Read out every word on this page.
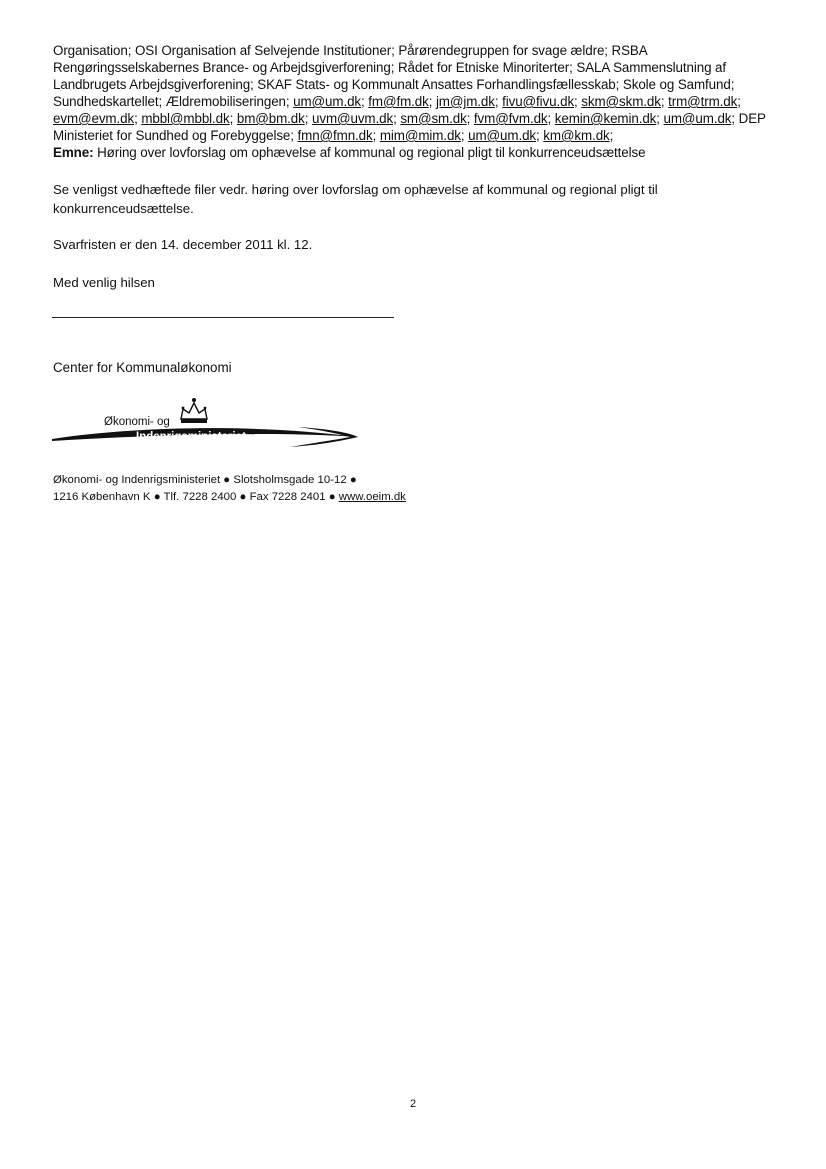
Organisation; OSI Organisation af Selvejende Institutioner; Pårørendegruppen for svage ældre; RSBA Rengøringsselskabernes Brance- og Arbejdsgiverforening; Rådet for Etniske Minoriterter; SALA Sammenslutning af Landbrugets Arbejdsgiverforening; SKAF Stats- og Kommunalt Ansattes Forhandlingsfællesskab; Skole og Samfund; Sundhedskartellet; Ældremobiliseringen; um@um.dk; fm@fm.dk; jm@jm.dk; fivu@fivu.dk; skm@skm.dk; trm@trm.dk; evm@evm.dk; mbbl@mbbl.dk; bm@bm.dk; uvm@uvm.dk; sm@sm.dk; fvm@fvm.dk; kemin@kemin.dk; um@um.dk; DEP Ministeriet for Sundhed og Forebyggelse; fmn@fmn.dk; mim@mim.dk; um@um.dk; km@km.dk;
Emne: Høring over lovforslag om ophævelse af kommunal og regional pligt til konkurrenceudsættelse
Se venligst vedhæftede filer vedr. høring over lovforslag om ophævelse af kommunal og regional pligt til konkurrenceudsættelse.
Svarfristen er den 14. december 2011 kl. 12.
Med venlig hilsen
Center for Kommunaløkonomi
Økonomi- og
Indenrigsministeriet
Økonomi- og Indenrigsministeriet ● Slotsholmsgade 10-12 ●
1216 København K ● Tlf. 7228 2400 ● Fax 7228 2401 ● www.oeim.dk
2
